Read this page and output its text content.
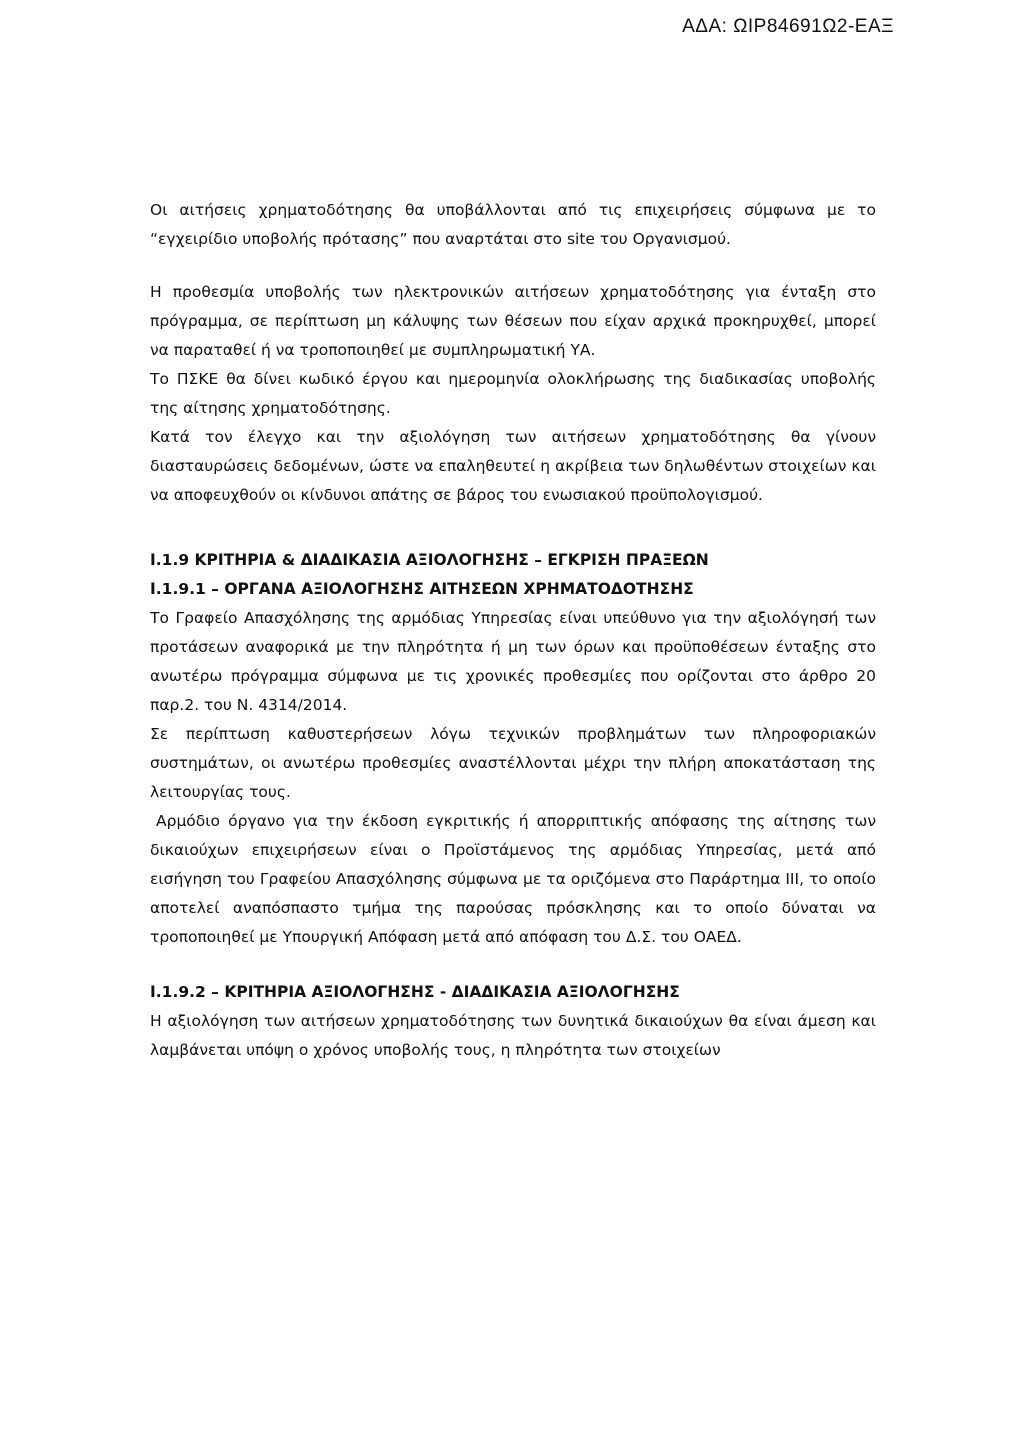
ΑΔΑ: ΩΙΡ84691Ω2-ΕΑΞ

Οι αιτήσεις χρηματοδότησης θα υποβάλλονται από τις επιχειρήσεις σύμφωνα με το “εγχειρίδιο υποβολής πρότασης” που αναρτάται στο site του Οργανισμού.

Η προθεσμία υποβολής των ηλεκτρονικών αιτήσεων χρηματοδότησης για ένταξη στο πρόγραμμα, σε περίπτωση μη κάλυψης των θέσεων που είχαν αρχικά προκηρυχθεί, μπορεί να παραταθεί ή να τροποποιηθεί με συμπληρωματική ΥΑ.

Το ΠΣΚΕ θα δίνει κωδικό έργου και ημερομηνία ολοκλήρωσης της διαδικασίας υποβολής της αίτησης χρηματοδότησης.

Κατά τον έλεγχο και την αξιολόγηση των αιτήσεων χρηματοδότησης θα γίνουν διασταυρώσεις δεδομένων, ώστε να επαληθευτεί η ακρίβεια των δηλωθέντων στοιχείων και να αποφευχθούν οι κίνδυνοι απάτης σε βάρος του ενωσιακού προϋπολογισμού.

Ι.1.9 ΚΡΙΤΗΡΙΑ & ΔΙΑΔΙΚΑΣΙΑ ΑΞΙΟΛΟΓΗΣΗΣ – ΕΓΚΡΙΣΗ ΠΡΑΞΕΩΝ
Ι.1.9.1 – ΟΡΓΑΝΑ ΑΞΙΟΛΟΓΗΣΗΣ ΑΙΤΗΣΕΩΝ ΧΡΗΜΑΤΟΔΟΤΗΣΗΣ

Το Γραφείο Απασχόλησης της αρμόδιας Υπηρεσίας είναι υπεύθυνο για την αξιολόγησή των προτάσεων αναφορικά με την πληρότητα ή μη των όρων και προϋποθέσεων ένταξης στο ανωτέρω πρόγραμμα σύμφωνα με τις χρονικές προθεσμίες που ορίζονται στο άρθρο 20 παρ.2. του Ν. 4314/2014.

Σε περίπτωση καθυστερήσεων λόγω τεχνικών προβλημάτων των πληροφοριακών συστημάτων, οι ανωτέρω προθεσμίες αναστέλλονται μέχρι την πλήρη αποκατάσταση της λειτουργίας τους.

Αρμόδιο όργανο για την έκδοση εγκριτικής ή απορριπτικής απόφασης της αίτησης των δικαιούχων επιχειρήσεων είναι ο Προϊστάμενος της αρμόδιας Υπηρεσίας, μετά από εισήγηση του Γραφείου Απασχόλησης σύμφωνα με τα οριζόμενα στο Παράρτημα ΙΙΙ, το οποίο αποτελεί αναπόσπαστο τμήμα της παρούσας πρόσκλησης και το οποίο δύναται να τροποποιηθεί με Υπουργική Απόφαση μετά από απόφαση του Δ.Σ. του ΟΑΕΔ.

Ι.1.9.2 – ΚΡΙΤΗΡΙΑ ΑΞΙΟΛΟΓΗΣΗΣ - ΔΙΑΔΙΚΑΣΙΑ ΑΞΙΟΛΟΓΗΣΗΣ

Η αξιολόγηση των αιτήσεων χρηματοδότησης των δυνητικά δικαιούχων θα είναι άμεση και λαμβάνεται υπόψη ο χρόνος υποβολής τους, η πληρότητα των στοιχείων
